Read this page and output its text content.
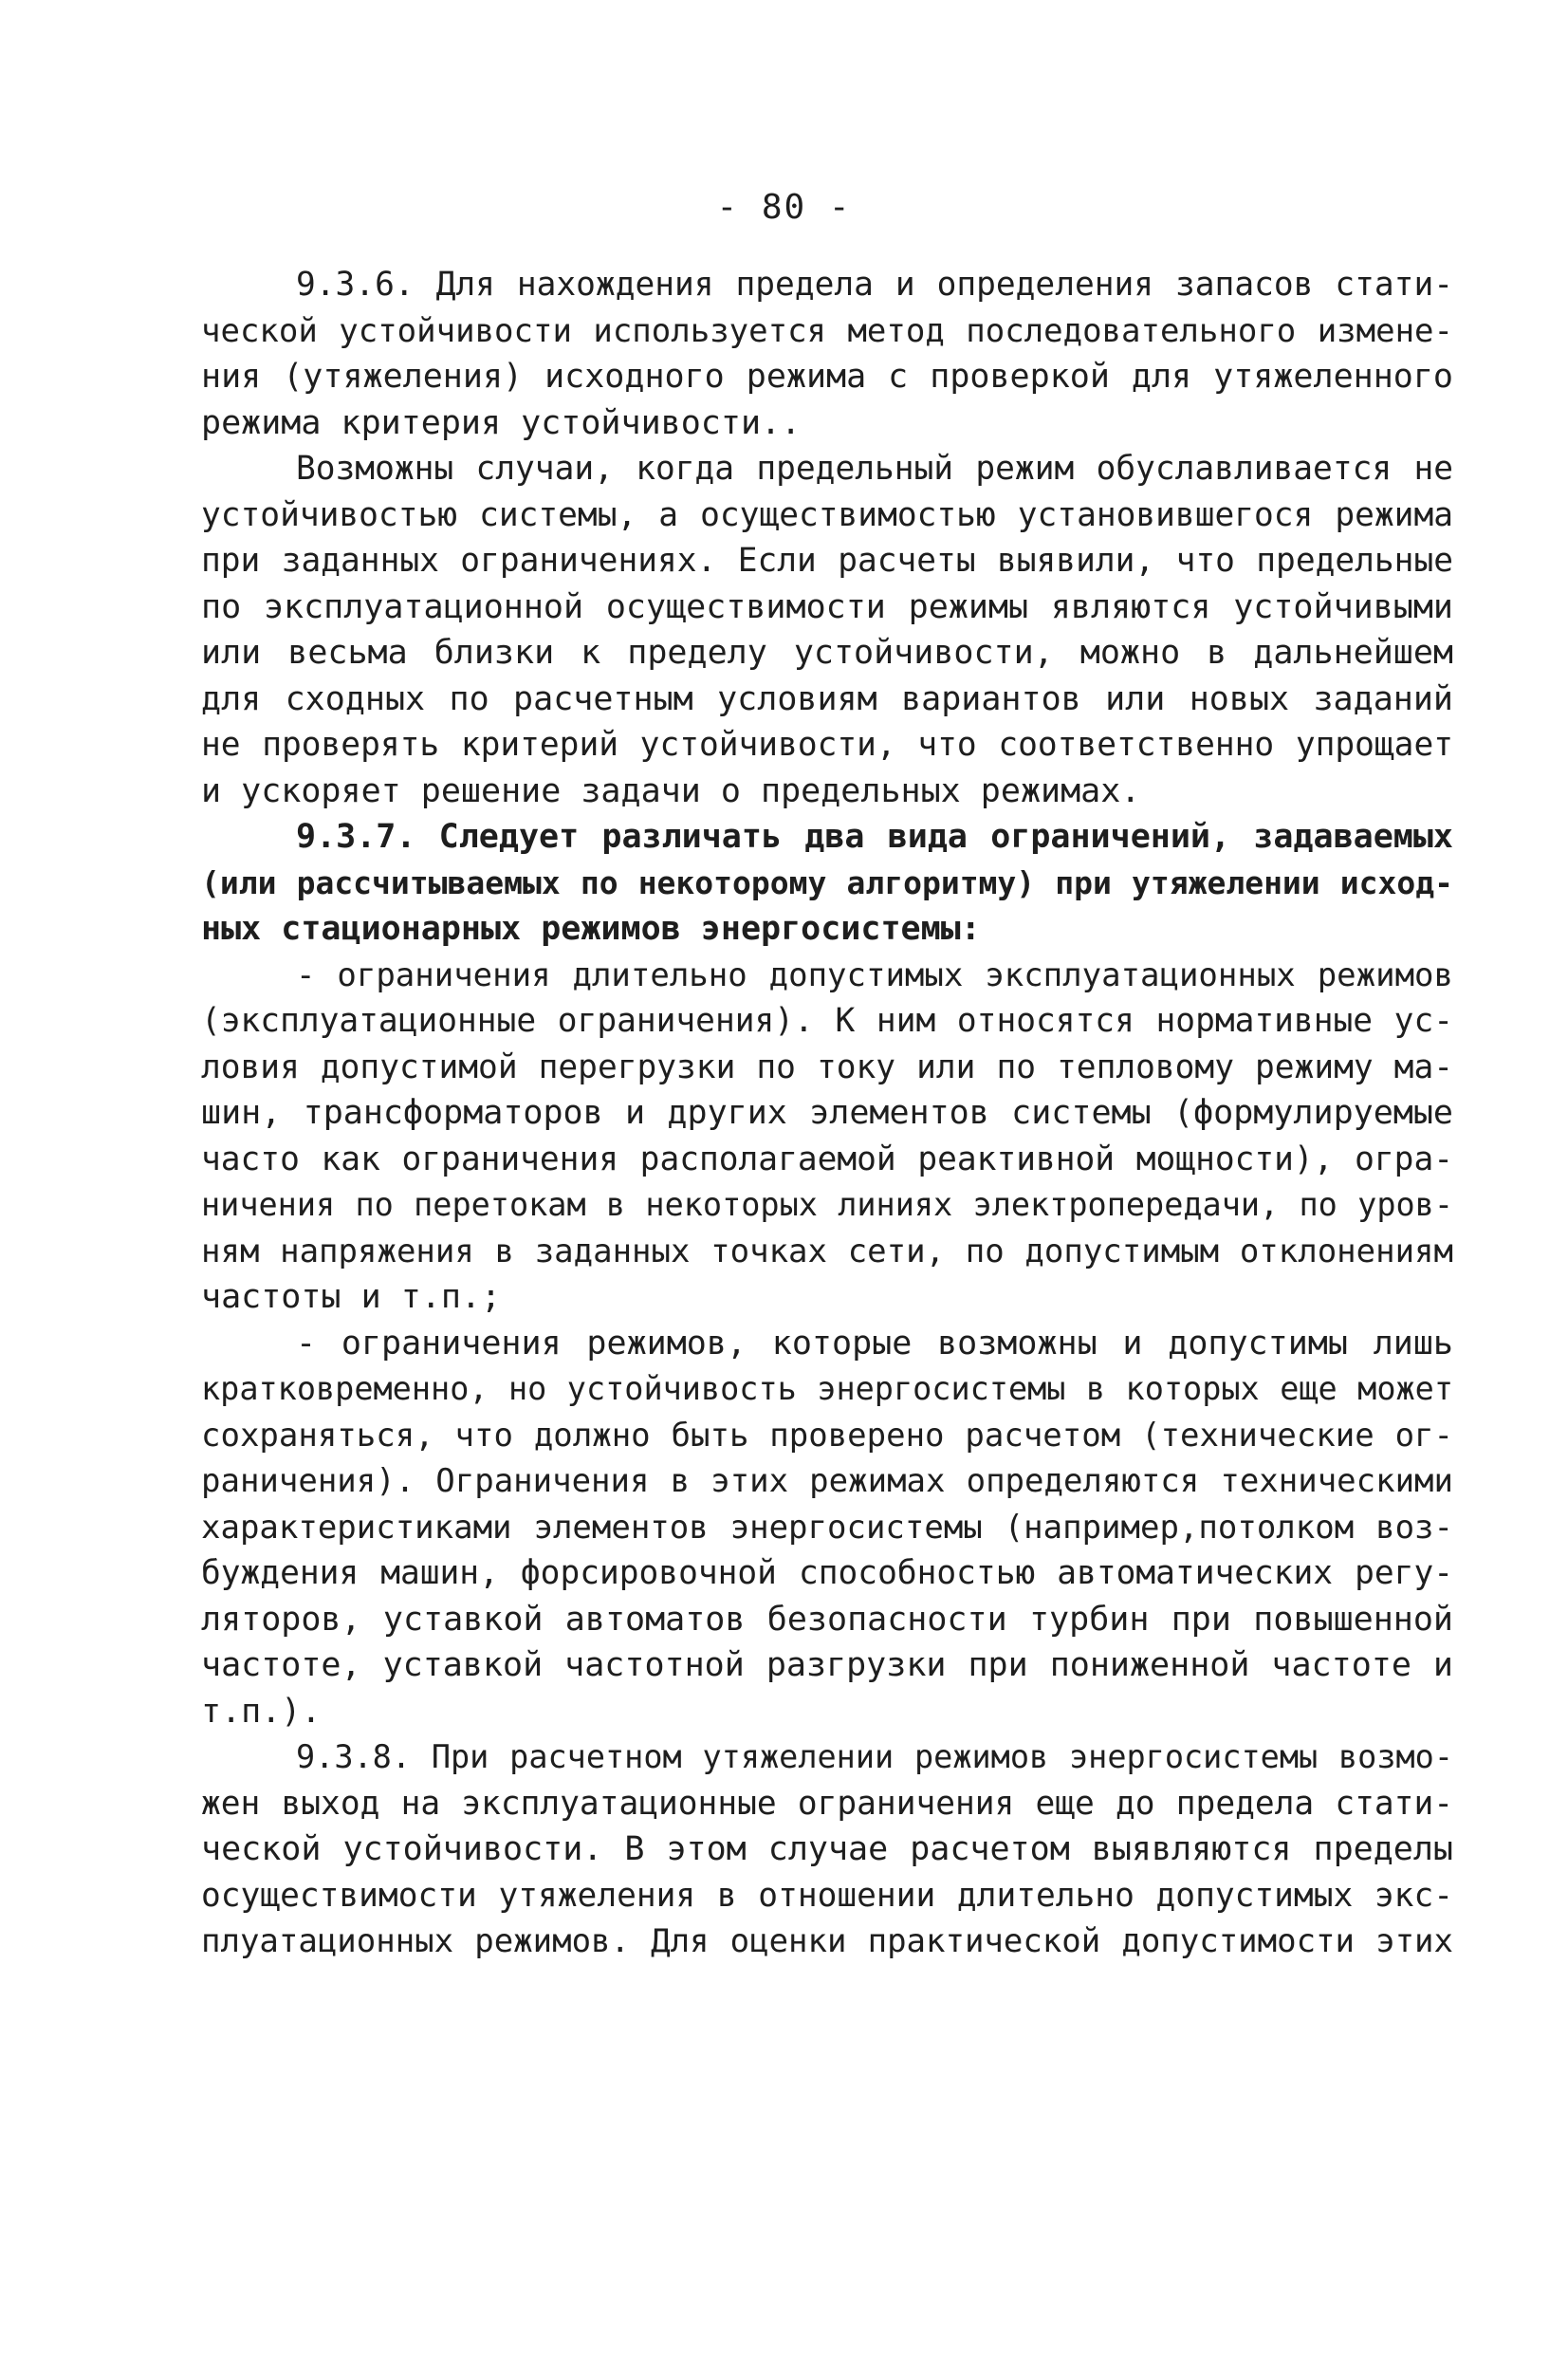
- 80 -
9.3.6. Для нахождения предела и определения запасов стати-
ческой устойчивости используется метод последовательного измене-
ния (утяжеления) исходного режима с проверкой для утяжеленного
режима критерия устойчивости..
Возможны случаи, когда предельный режим обуславливается не
устойчивостью системы, а осуществимостью установившегося режима
при заданных ограничениях. Если расчеты выявили, что предельные
по эксплуатационной осуществимости режимы являются устойчивыми
или весьма близки к пределу устойчивости, можно в дальнейшем
для сходных по расчетным условиям вариантов или новых заданий
не проверять критерий устойчивости, что соответственно упрощает
и ускоряет решение задачи о предельных режимах.
9.3.7. Следует различать два вида ограничений, задаваемых
(или рассчитываемых по некоторому алгоритму) при утяжелении исход-
ных стационарных режимов энергосистемы:
- ограничения длительно допустимых эксплуатационных режимов
(эксплуатационные ограничения). К ним относятся нормативные ус-
ловия допустимой перегрузки по току или по тепловому режиму ма-
шин, трансформаторов и других элементов системы (формулируемые
часто как ограничения располагаемой реактивной мощности), огра-
ничения по перетокам в некоторых линиях электропередачи, по уров-
ням напряжения в заданных точках сети, по допустимым отклонениям
частоты и т.п.;
- ограничения режимов, которые возможны и допустимы лишь
кратковременно, но устойчивость энергосистемы в которых еще может
сохраняться, что должно быть проверено расчетом (технические ог-
раничения). Ограничения в этих режимах определяются техническими
характеристиками элементов энергосистемы (например,потолком воз-
буждения машин, форсировочной способностью автоматических регу-
ляторов, уставкой автоматов безопасности турбин при повышенной
частоте, уставкой частотной разгрузки при пониженной частоте и
т.п.).
9.3.8. При расчетном утяжелении режимов энергосистемы возмо-
жен выход на эксплуатационные ограничения еще до предела стати-
ческой устойчивости. В этом случае расчетом выявляются пределы
осуществимости утяжеления в отношении длительно допустимых экс-
плуатационных режимов. Для оценки практической допустимости этих
